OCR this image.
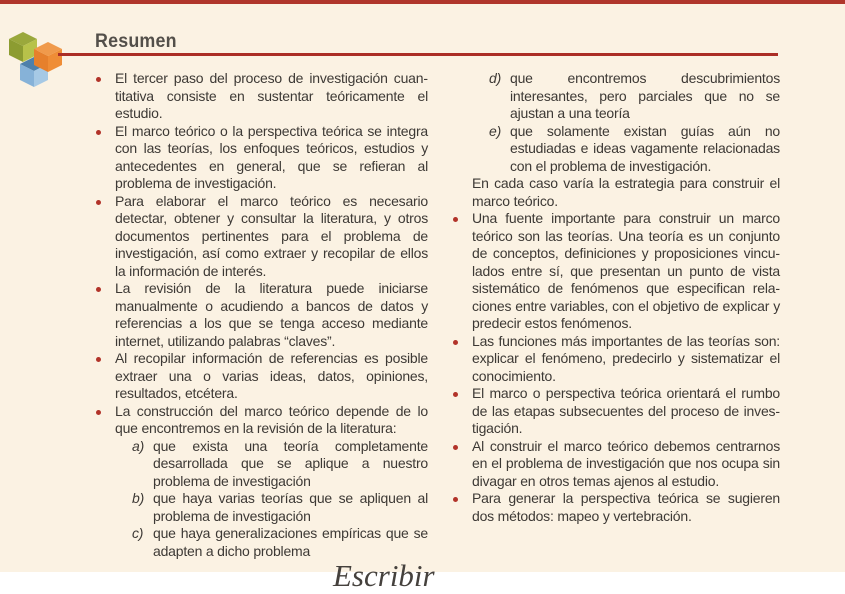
Resumen
El tercer paso del proceso de investigación cuantitativa consiste en sustentar teóricamente el estudio.
El marco teórico o la perspectiva teórica se integra con las teorías, los enfoques teóricos, estudios y antecedentes en general, que se refieran al problema de investigación.
Para elaborar el marco teórico es necesario detectar, obtener y consultar la literatura, y otros documentos pertinentes para el problema de investigación, así como extraer y recopilar de ellos la información de interés.
La revisión de la literatura puede iniciarse manualmente o acudiendo a bancos de datos y referencias a los que se tenga acceso mediante internet, utilizando palabras “claves”.
Al recopilar información de referencias es posible extraer una o varias ideas, datos, opiniones, resultados, etcétera.
La construcción del marco teórico depende de lo que encontremos en la revisión de la literatura:
a) que exista una teoría completamente desarrollada que se aplique a nuestro problema de investigación
b) que haya varias teorías que se apliquen al problema de investigación
c) que haya generalizaciones empíricas que se adapten a dicho problema
d) que encontremos descubrimientos interesantes, pero parciales que no se ajustan a una teoría
e) que solamente existan guías aún no estudiadas e ideas vagamente relacionadas con el problema de investigación.
En cada caso varía la estrategia para construir el marco teórico.
Una fuente importante para construir un marco teórico son las teorías. Una teoría es un conjunto de conceptos, definiciones y proposiciones vinculados entre sí, que presentan un punto de vista sistemático de fenómenos que especifican relaciones entre variables, con el objetivo de explicar y predecir estos fenómenos.
Las funciones más importantes de las teorías son: explicar el fenómeno, predecirlo y sistematizar el conocimiento.
El marco o perspectiva teórica orientará el rumbo de las etapas subsecuentes del proceso de investigación.
Al construir el marco teórico debemos centrarnos en el problema de investigación que nos ocupa sin divagar en otros temas ajenos al estudio.
Para generar la perspectiva teórica se sugieren dos métodos: mapeo y vertebración.
Escribir
